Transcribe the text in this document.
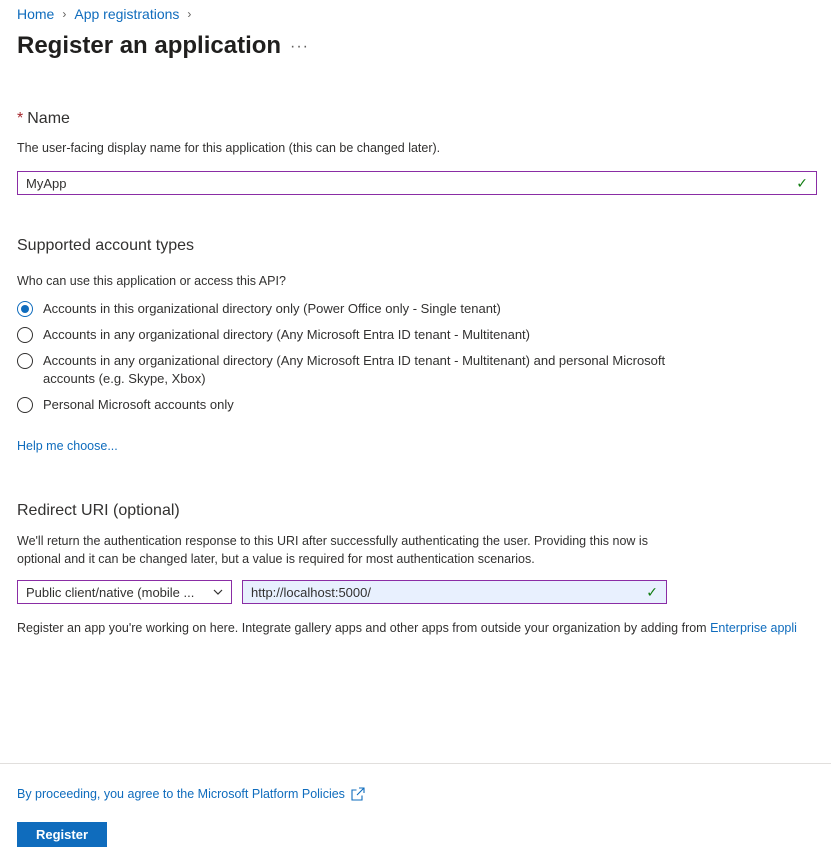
Home › App registrations ›
Register an application ···
* Name
The user-facing display name for this application (this can be changed later).
MyApp	✓
Supported account types
Who can use this application or access this API?
Accounts in this organizational directory only (Power Office only - Single tenant)
Accounts in any organizational directory (Any Microsoft Entra ID tenant - Multitenant)
Accounts in any organizational directory (Any Microsoft Entra ID tenant - Multitenant) and personal Microsoft
accounts (e.g. Skype, Xbox)
Personal Microsoft accounts only
Help me choose...
Redirect URI (optional)
We'll return the authentication response to this URI after successfully authenticating the user. Providing this now is
optional and it can be changed later, but a value is required for most authentication scenarios.
Public client/native (mobile ...	http://localhost:5000/	✓
Register an app you're working on here. Integrate gallery apps and other apps from outside your organization by adding from Enterprise appli
By proceeding, you agree to the Microsoft Platform Policies
Register
